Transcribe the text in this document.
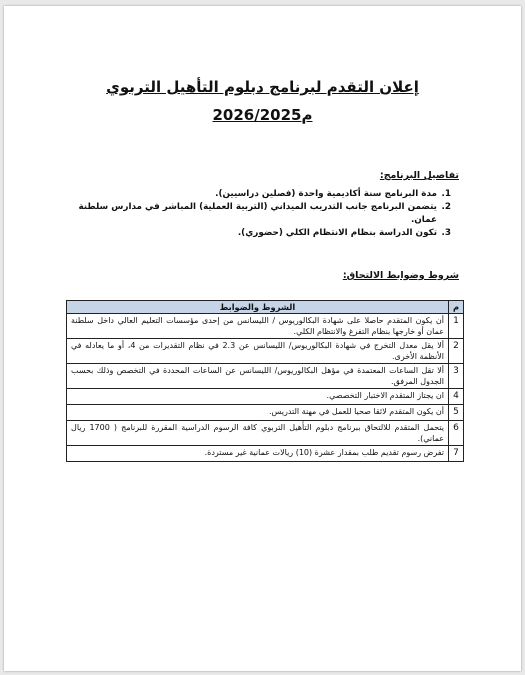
إعلان التقدم لبرنامج دبلوم التأهيل التربوي
2026/2025م
تفاصيل البرنامج:
1.
مدة البرنامج سنة أكاديمية واحدة (فصلين دراسيين).
2.
يتضمن البرنامج جانب التدريب الميداني (التربية العملية) المباشر في مدارس سلطنة عمان.
3.
تكون الدراسة بنظام الانتظام الكلي (حضوري).
شروط وضوابط الالتحاق:
م	الشروط والضوابط
1	أن يكون المتقدم حاصلا على شهادة البكالوريوس / الليسانس من إحدى مؤسسات التعليم العالي داخل سلطنة عمان أو خارجها بنظام التفرغ والانتظام الكلي.
2	ألا يقل معدل التخرج في شهادة البكالوريوس/ الليسانس عن 2.3 في نظام التقديرات من 4، أو ما يعادله في الأنظمة الأخرى.
3	ألا تقل الساعات المعتمدة في مؤهل البكالوريوس/ الليسانس عن الساعات المحددة في التخصص وذلك بحسب الجدول المرفق.
4	ان يجتاز المتقدم الاختبار التخصصي.
5	أن يكون المتقدم لائقا صحيا للعمل في مهنة التدريس.
6	يتحمل المتقدم للالتحاق ببرنامج دبلوم التأهيل التربوي كافة الرسوم الدراسية المقررة للبرنامج ( 1700 ريال عماني).
7	تفرض رسوم تقديم طلب بمقدار عشرة (10) ريالات عمانية غير مستردة.
